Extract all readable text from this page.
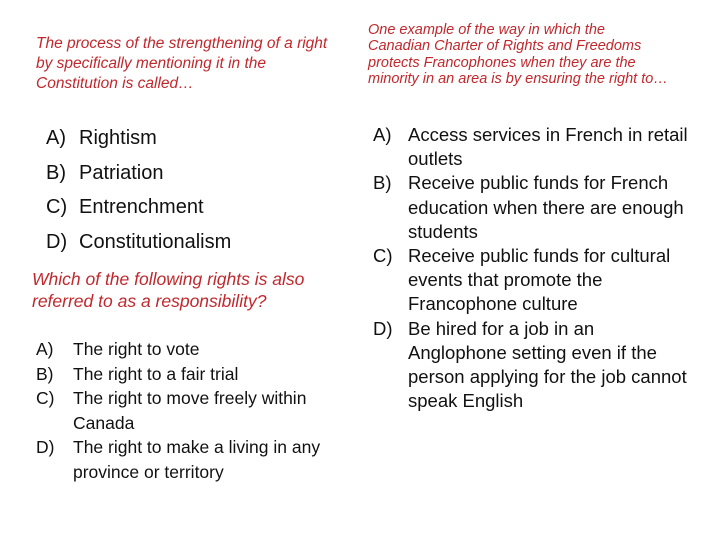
The process of the strengthening of a right by specifically mentioning it in the Constitution is called…

A) Rightism
B) Patriation
C) Entrenchment
D) Constitutionalism

Which of the following rights is also referred to as a responsibility?

A) The right to vote
B) The right to a fair trial
C) The right to move freely within Canada
D) The right to make a living in any province or territory

One example of the way in which the Canadian Charter of Rights and Freedoms protects Francophones when they are the minority in an area is by ensuring the right to…

A) Access services in French in retail outlets
B) Receive public funds for French education when there are enough students
C) Receive public funds for cultural events that promote the Francophone culture
D) Be hired for a job in an Anglophone setting even if the person applying for the job cannot speak English
